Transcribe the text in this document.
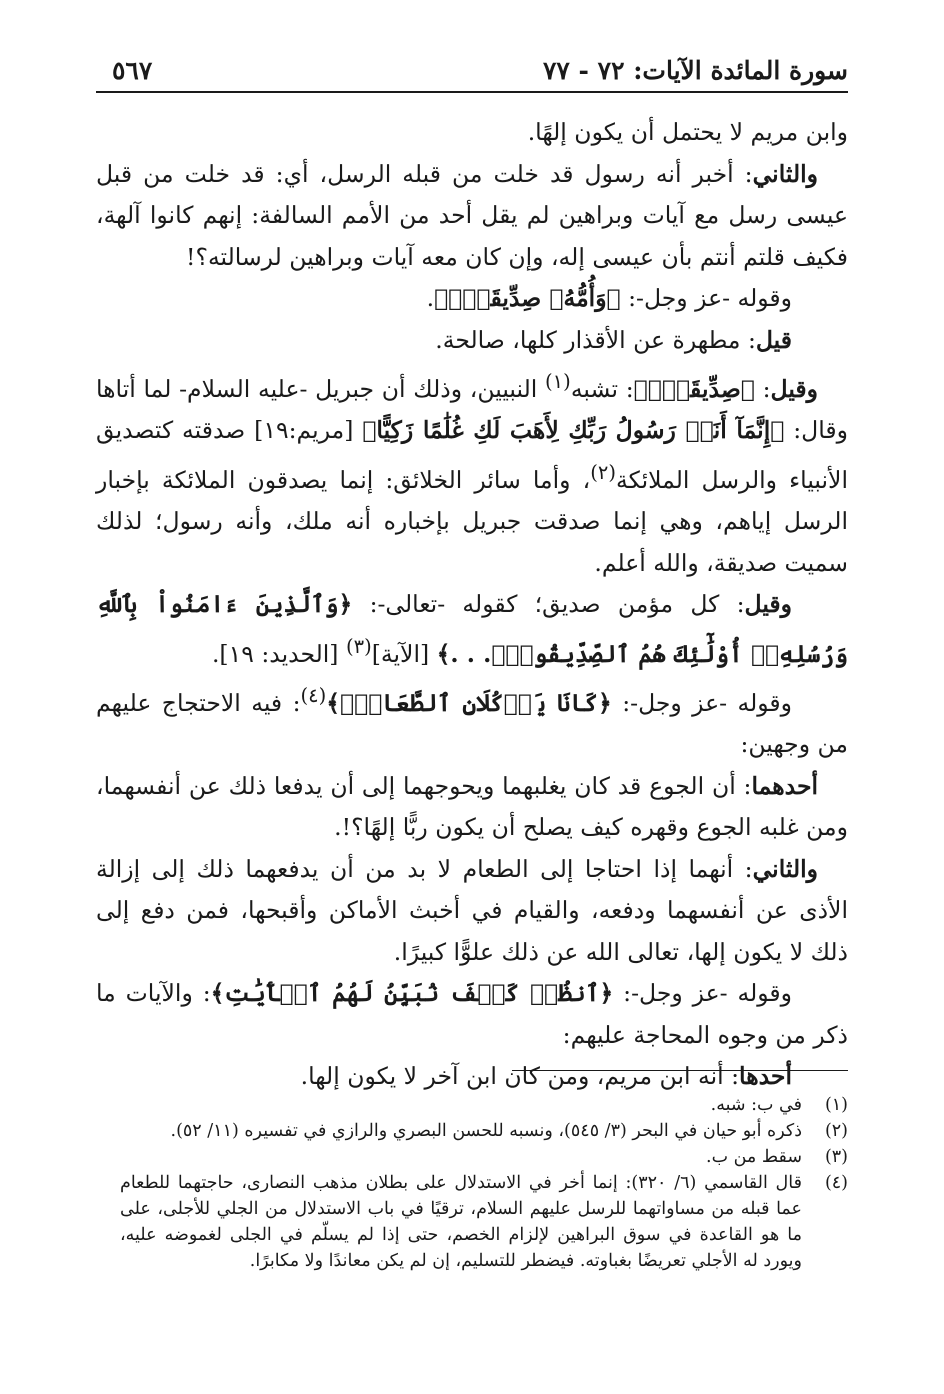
سورة المائدة الآيات: ٧٢ - ٧٧
٥٦٧

وابن مريم لا يحتمل أن يكون إلهًا.

والثاني: أخبر أنه رسول قد خلت من قبله الرسل، أي: قد خلت من قبل عيسى رسل مع آيات وبراهين لم يقل أحد من الأمم السالفة: إنهم كانوا آلهة، فكيف قلتم أنتم بأن عيسى إله، وإن كان معه آيات وبراهين لرسالته؟!

وقوله -عز وجل-: ﴿وَأُمُّهُۥ صِدِّيقَةٌۖ﴾.

قيل: مطهرة عن الأقذار كلها، صالحة.

وقيل: ﴿صِدِّيقَةٌۖ﴾: تشبه$^{(١)}$ النبيين، وذلك أن جبريل -عليه السلام- لما أتاها وقال: ﴿إِنَّمَآ أَنَا۠ رَسُولُ رَبِّكِ لِأَهَبَ لَكِ غُلَٰمًا زَكِيًّا﴾ [مريم:١٩] صدقته كتصديق الأنبياء والرسل الملائكة$^{(٢)}$، وأما سائر الخلائق: إنما يصدقون الملائكة بإخبار الرسل إياهم، وهي إنما صدقت جبريل بإخباره أنه ملك، وأنه رسول؛ لذلك سميت صديقة، والله أعلم.

وقيل: كل مؤمن صديق؛ كقوله -تعالى-: ﴿وَٱلَّذِينَ ءَامَنُواْ بِٱللَّهِ وَرُسُلِهِۦٓ أُوْلَٰٓئِكَ هُمُ ٱلصِّدِّيقُونَۖ. . .﴾ [الآية]$^{(٣)}$ [الحديد: ١٩].

وقوله -عز وجل-: ﴿كَانَا يَأۡكُلَانِ ٱلطَّعَامَۗ﴾$^{(٤)}$: فيه الاحتجاج عليهم من وجهين:

أحدهما: أن الجوع قد كان يغلبهما ويحوجهما إلى أن يدفعا ذلك عن أنفسهما، ومن غلبه الجوع وقهره كيف يصلح أن يكون ربًّا إلهًا؟!.

والثاني: أنهما إذا احتاجا إلى الطعام لا بد من أن يدفعهما ذلك إلى إزالة الأذى عن أنفسهما ودفعه، والقيام في أخبث الأماكن وأقبحها، فمن دفع إلى ذلك لا يكون إلها، تعالى الله عن ذلك علوًّا كبيرًا.

وقوله -عز وجل-: ﴿ٱنظُرۡ كَيۡفَ نُبَيِّنُ لَهُمُ ٱلۡأٓيَٰتِ﴾: والآيات ما ذكر من وجوه المحاجة عليهم:

أحدها: أنه ابن مريم، ومن كان ابن آخر لا يكون إلها.

(١)
في ب: شبه.
(٢)
ذكره أبو حيان في البحر (٣/ ٥٤٥)، ونسبه للحسن البصري والرازي في تفسيره (١١/ ٥٢).
(٣)
سقط من ب.
(٤)
قال القاسمي (٦/ ٣٢٠): إنما أخر في الاستدلال على بطلان مذهب النصارى، حاجتهما للطعام عما قبله من مساواتهما للرسل عليهم السلام، ترقيًا في باب الاستدلال من الجلي للأجلى، على ما هو القاعدة في سوق البراهين لإلزام الخصم، حتى إذا لم يسلّم في الجلى لغموضه عليه، ويورد له الأجلي تعريضًا بغباوته. فيضطر للتسليم، إن لم يكن معاندًا ولا مكابرًا.
